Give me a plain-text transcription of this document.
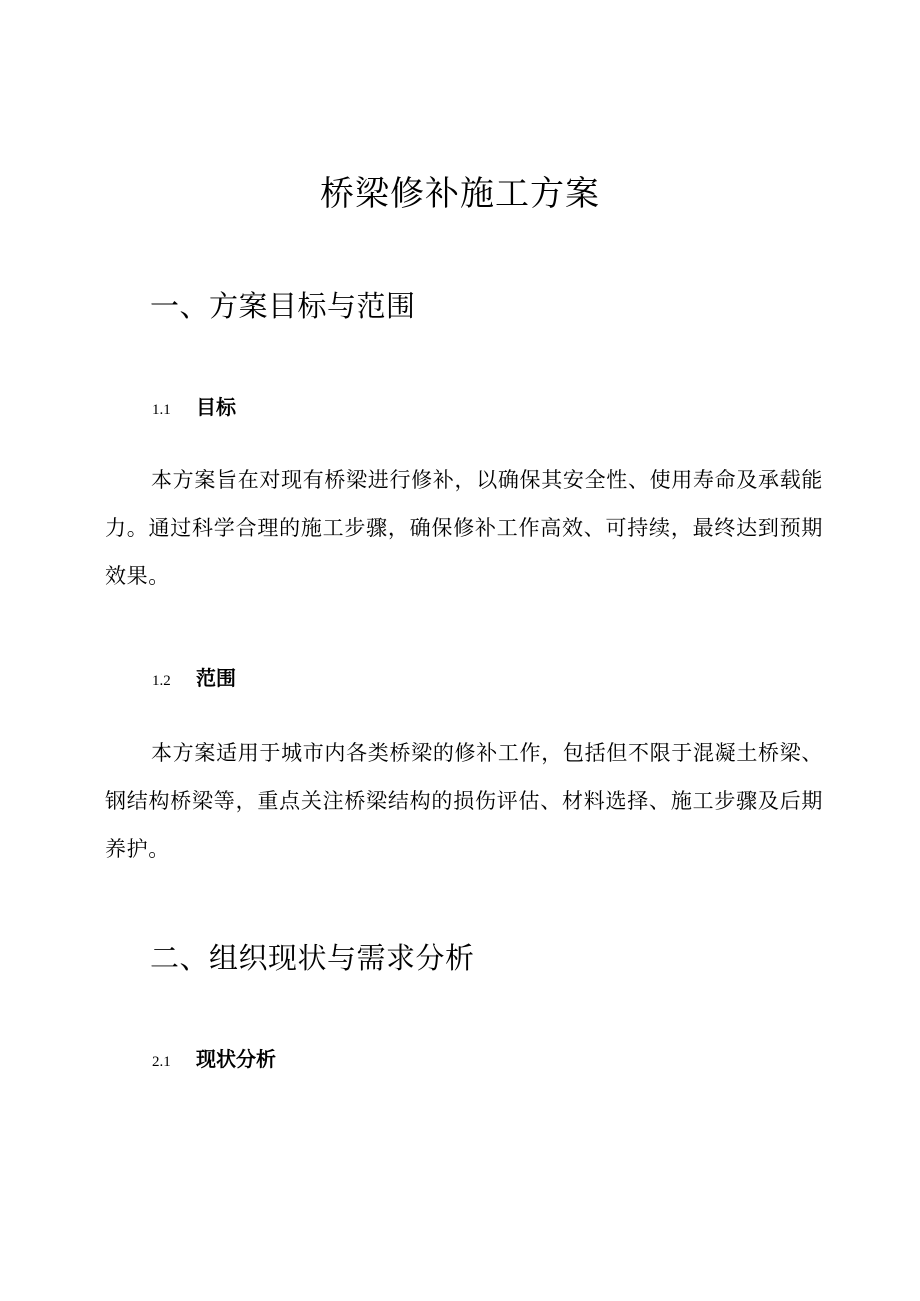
桥梁修补施工方案
一、方案目标与范围
1.1 目标

本方案旨在对现有桥梁进行修补，以确保其安全性、使用寿命及承载能力。通过科学合理的施工步骤，确保修补工作高效、可持续，最终达到预期效果。

1.2 范围

本方案适用于城市内各类桥梁的修补工作，包括但不限于混凝土桥梁、钢结构桥梁等，重点关注桥梁结构的损伤评估、材料选择、施工步骤及后期养护。

二、组织现状与需求分析
2.1 现状分析
